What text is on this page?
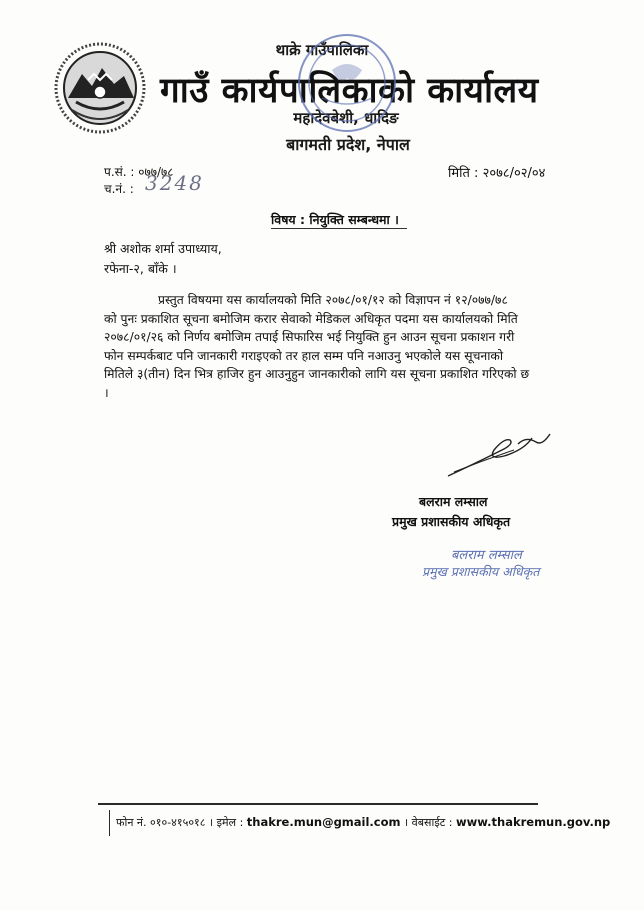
थाक्रे गाउँपालिका
गाउँ कार्यपालिकाको कार्यालय
महादेवबेशी, धादिङ
बागमती प्रदेश, नेपाल
प.सं. : ०७७/७८
च.नं. : 3248	मिति : २०७८/०२/०४
विषय : नियुक्ति सम्बन्धमा ।
श्री अशोक शर्मा उपाध्याय,
रफेना-२, बाँके ।
प्रस्तुत विषयमा यस कार्यालयको मिति २०७८/०१/१२ को विज्ञापन नं १२/०७७/७८
को पुनः प्रकाशित सूचना बमोजिम करार सेवाको मेडिकल अधिकृत पदमा यस कार्यालयको मिति
२०७८/०१/२६ को निर्णय बमोजिम तपाई सिफारिस भई नियुक्ति हुन आउन सूचना प्रकाशन गरी
फोन सम्पर्कबाट पनि जानकारी गराइएको तर हाल सम्म पनि नआउनु भएकोले यस सूचनाको
मितिले ३(तीन) दिन भित्र हाजिर हुन आउनुहुन जानकारीको लागि यस सूचना प्रकाशित गरिएको छ
।
बलराम लम्साल
प्रमुख प्रशासकीय अधिकृत
बलराम लम्साल
प्रमुख प्रशासकीय अधिकृत
फोन नं. ०१०-४१५०१८ । इमेल : thakre.mun@gmail.com । वेबसाईट : www.thakremun.gov.np
